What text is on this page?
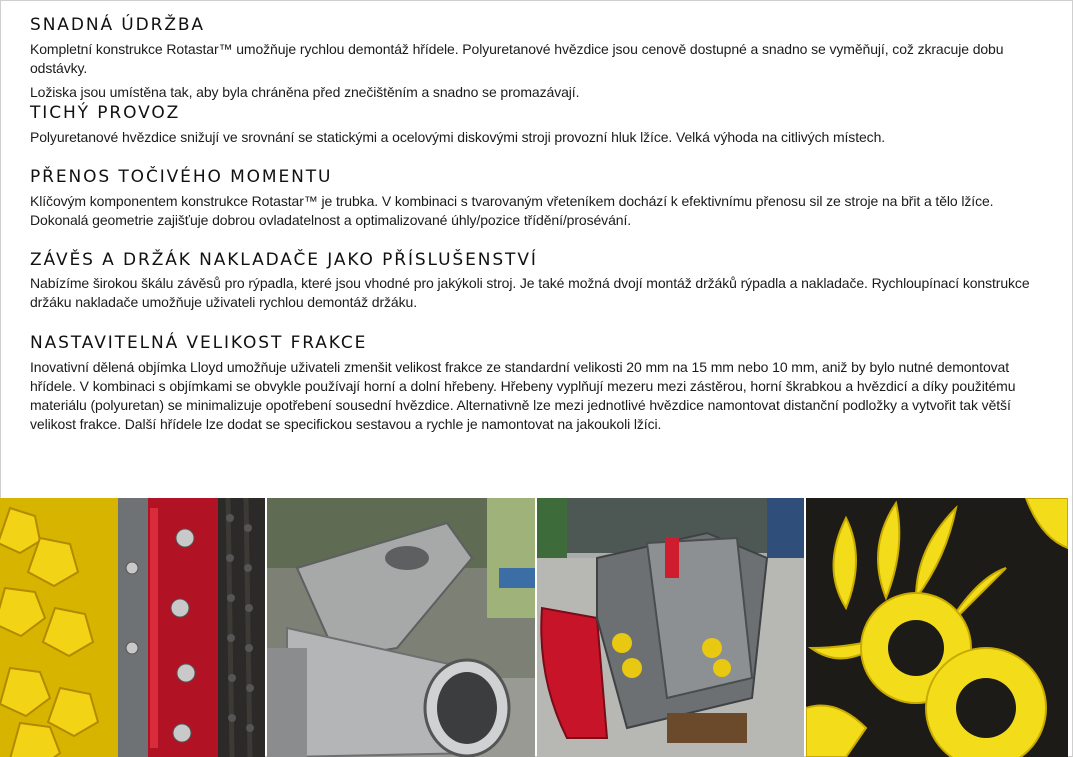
SNADNÁ ÚDRŽBA

Kompletní konstrukce Rotastar™ umožňuje rychlou demontáž hřídele. Polyuretanové hvězdice jsou cenově dostupné a snadno se vyměňují, což zkracuje dobu odstávky.

Ložiska jsou umístěna tak, aby byla chráněna před znečištěním a snadno se promazávají.

TICHÝ PROVOZ

Polyuretanové hvězdice snižují ve srovnání se statickými a ocelovými diskovými stroji provozní hluk lžíce. Velká výhoda na citlivých místech.

PŘENOS TOČIVÉHO MOMENTU

Klíčovým komponentem konstrukce Rotastar™ je trubka. V kombinaci s tvarovaným vřeteníkem dochází k efektivnímu přenosu sil ze stroje na břit a tělo lžíce. Dokonalá geometrie zajišťuje dobrou ovladatelnost a optimalizované úhly/pozice třídění/prosévání.

ZÁVĚS A DRŽÁK NAKLADAČE JAKO PŘÍSLUŠENSTVÍ

Nabízíme širokou škálu závěsů pro rýpadla, které jsou vhodné pro jakýkoli stroj. Je také možná dvojí montáž držáků rýpadla a nakladače. Rychloupínací konstrukce držáku nakladače umožňuje uživateli rychlou demontáž držáku.

NASTAVITELNÁ VELIKOST FRAKCE

Inovativní dělená objímka Lloyd umožňuje uživateli zmenšit velikost frakce ze standardní velikosti 20 mm na 15 mm nebo 10 mm, aniž by bylo nutné demontovat hřídele. V kombinaci s objímkami se obvykle používají horní a dolní hřebeny. Hřebeny vyplňují mezeru mezi zástěrou, horní škrabkou a hvězdicí a díky použitému materiálu (polyuretan) se minimalizuje opotřebení sousední hvězdice. Alternativně lze mezi jednotlivé hvězdice namontovat distanční podložky a vytvořit tak větší velikost frakce. Další hřídele lze dodat se specifickou sestavou a rychle je namontovat na jakoukoli lžíci.
